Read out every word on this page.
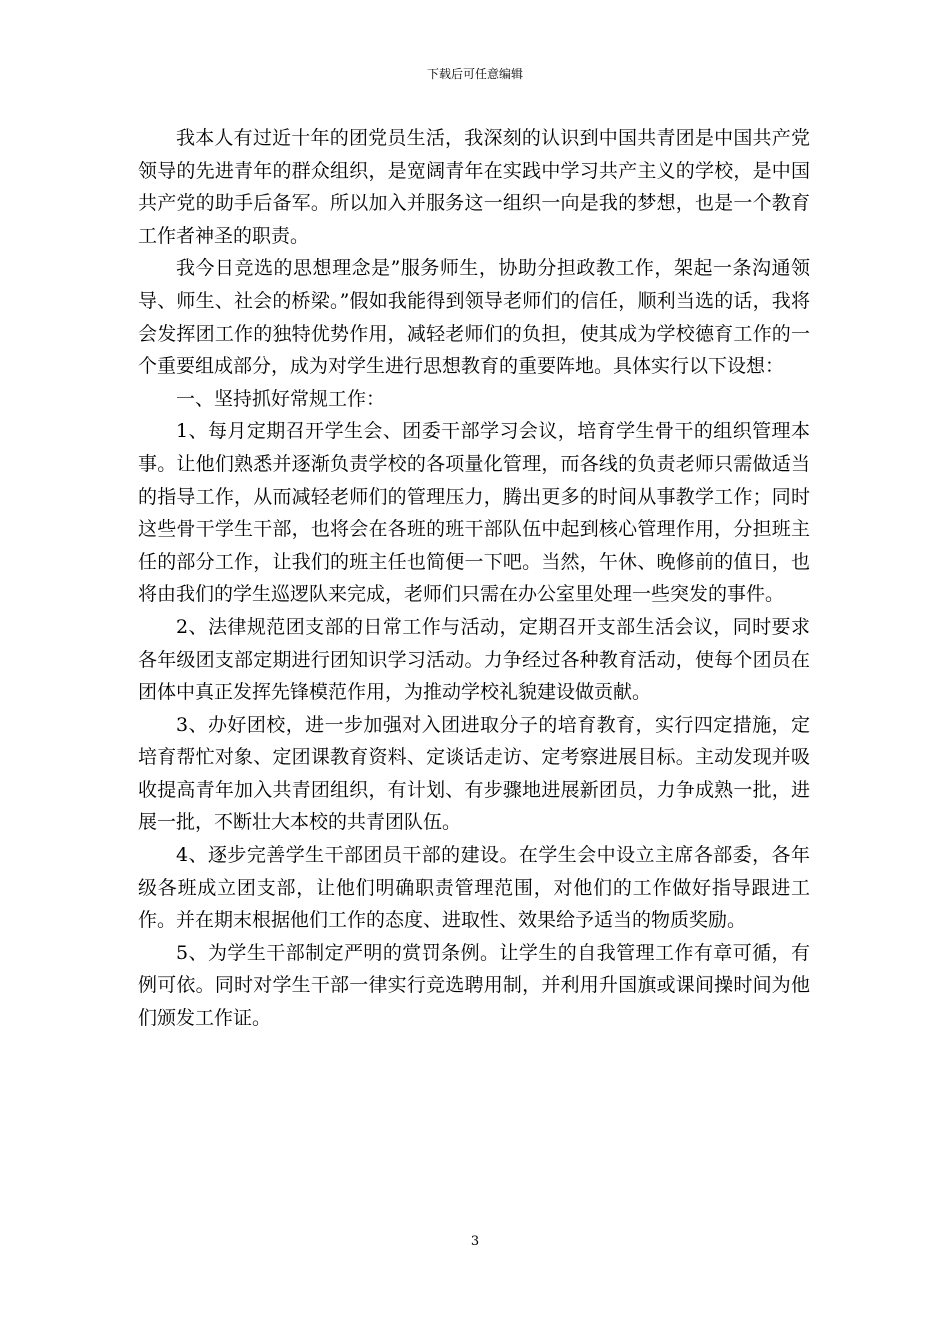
下载后可任意编辑

我本人有过近十年的团党员生活，我深刻的认识到中国共青团是中国共产党领导的先进青年的群众组织，是宽阔青年在实践中学习共产主义的学校，是中国共产党的助手后备军。所以加入并服务这一组织一向是我的梦想，也是一个教育工作者神圣的职责。

我今日竞选的思想理念是”服务师生，协助分担政教工作，架起一条沟通领导、师生、社会的桥梁。”假如我能得到领导老师们的信任，顺利当选的话，我将会发挥团工作的独特优势作用，减轻老师们的负担，使其成为学校德育工作的一个重要组成部分，成为对学生进行思想教育的重要阵地。具体实行以下设想：

一、坚持抓好常规工作：

1、每月定期召开学生会、团委干部学习会议，培育学生骨干的组织管理本事。让他们熟悉并逐渐负责学校的各项量化管理，而各线的负责老师只需做适当的指导工作，从而减轻老师们的管理压力，腾出更多的时间从事教学工作；同时这些骨干学生干部，也将会在各班的班干部队伍中起到核心管理作用，分担班主任的部分工作，让我们的班主任也简便一下吧。当然，午休、晚修前的值日，也将由我们的学生巡逻队来完成，老师们只需在办公室里处理一些突发的事件。

2、法律规范团支部的日常工作与活动，定期召开支部生活会议，同时要求各年级团支部定期进行团知识学习活动。力争经过各种教育活动，使每个团员在团体中真正发挥先锋模范作用，为推动学校礼貌建设做贡献。

3、办好团校，进一步加强对入团进取分子的培育教育，实行四定措施，定培育帮忙对象、定团课教育资料、定谈话走访、定考察进展目标。主动发现并吸收提高青年加入共青团组织，有计划、有步骤地进展新团员，力争成熟一批，进展一批，不断壮大本校的共青团队伍。

4、逐步完善学生干部团员干部的建设。在学生会中设立主席各部委，各年级各班成立团支部，让他们明确职责管理范围，对他们的工作做好指导跟进工作。并在期末根据他们工作的态度、进取性、效果给予适当的物质奖励。

5、为学生干部制定严明的赏罚条例。让学生的自我管理工作有章可循，有例可依。同时对学生干部一律实行竞选聘用制，并利用升国旗或课间操时间为他们颁发工作证。

3
